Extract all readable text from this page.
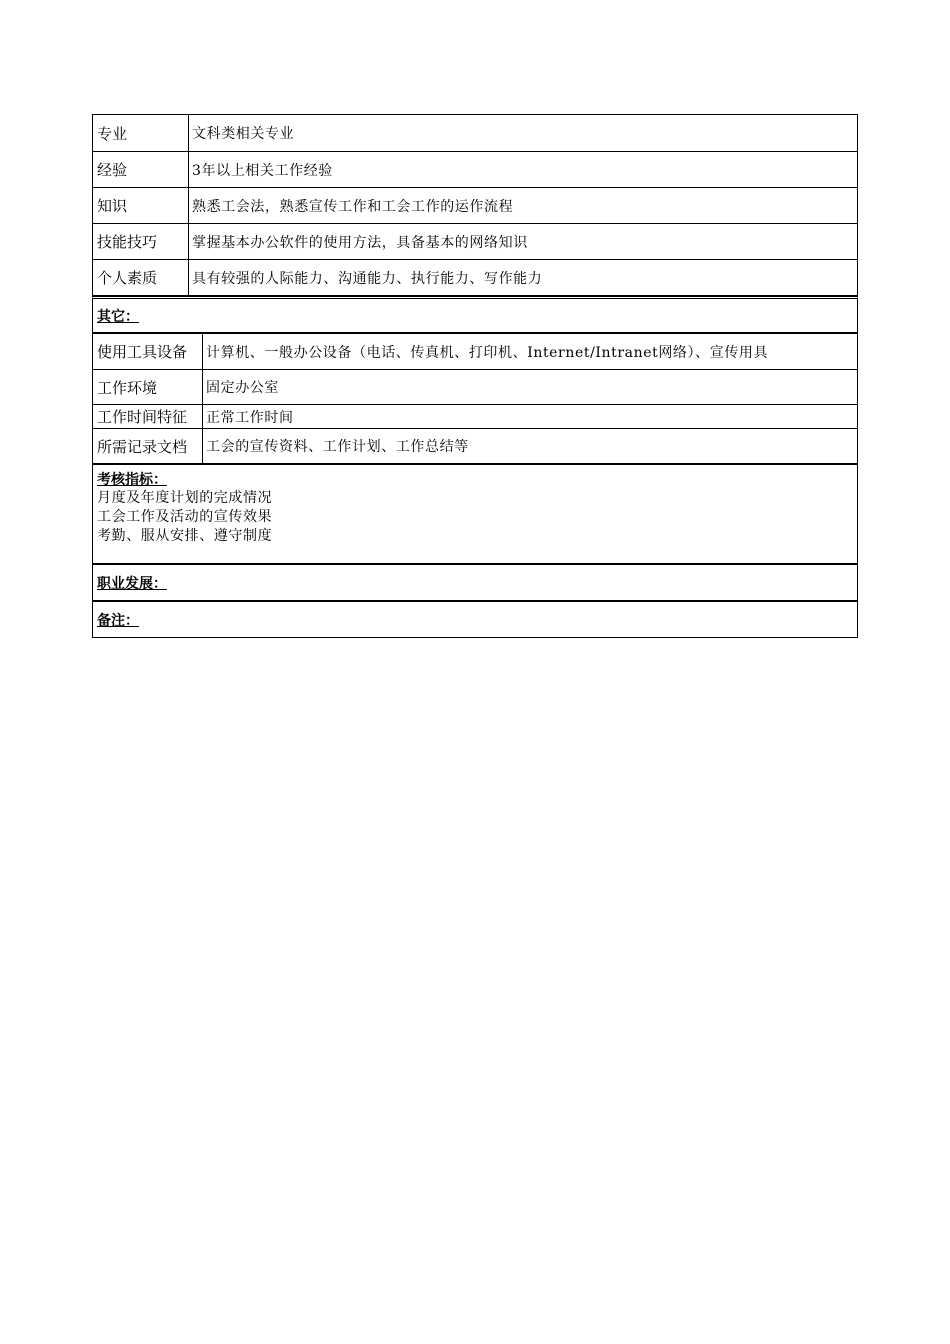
专业	文科类相关专业
经验	3年以上相关工作经验
知识	熟悉工会法，熟悉宣传工作和工会工作的运作流程
技能技巧	掌握基本办公软件的使用方法，具备基本的网络知识
个人素质	具有较强的人际能力、沟通能力、执行能力、写作能力
其它：
使用工具设备	计算机、一般办公设备（电话、传真机、打印机、Internet/Intranet网络）、宣传用具
工作环境	固定办公室
工作时间特征	正常工作时间
所需记录文档	工会的宣传资料、工作计划、工作总结等
考核指标：
月度及年度计划的完成情况
工会工作及活动的宣传效果
考勤、服从安排、遵守制度
职业发展：
备注：
